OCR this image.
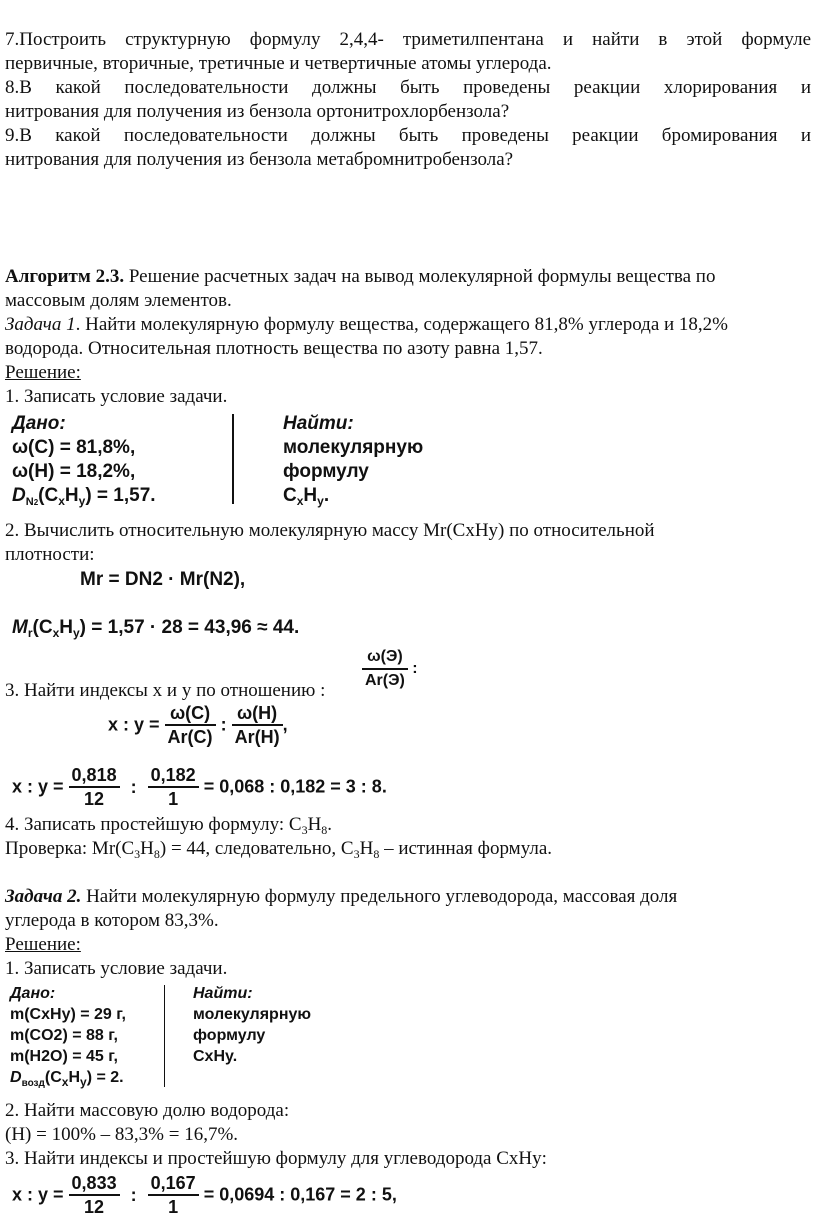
7.Построить структурную формулу 2,4,4- триметилпентана и найти в этой формуле
первичные, вторичные, третичные и четвертичные атомы углерода.
8.В какой последовательности должны быть проведены реакции хлорирования и
нитрования для получения из бензола ортонитрохлорбензола?
9.В какой последовательности должны быть проведены реакции бромирования и
нитрования для получения из бензола метабромнитробензола?
Алгоритм 2.3. Решение расчетных задач на вывод молекулярной формулы вещества по
массовым долям элементов.
Задача 1. Найти молекулярную формулу вещества, содержащего 81,8% углерода и 18,2%
водорода. Относительная плотность вещества по азоту равна 1,57.
Решение:
1. Записать условие задачи.
Дано:
ω(C) = 81,8%,
ω(H) = 18,2%,
$D_{N2}(C_xH_y) = 1,57$.
Найти:
молекулярную
формулу
$C_xH_y$.
2. Вычислить относительную молекулярную массу Mr(CxHy) по относительной
плотности:
Mr = DN2 · Mr(N2),
$M_r(C_xH_y) = 1,57 \cdot 28 = 43,96 \approx 44$.
3. Найти индексы x и y по отношению : $\frac{\omega(Э)}{Ar(Э)}$ :
x : $y = \frac{\omega(C)}{Ar(C)}$ : $\frac{\omega(H)}{Ar(H)}$ ,
x : $y = \frac{0,818}{12}$ : $\frac{0,182}{1} = 0,068$ : 0,182 = 3 : 8.
4. Записать простейшую формулу: $C_3H_8$.
Проверка: $Mr(C_3H_8) = 44$, следовательно, $C_3H_8$ – истинная формула.
Задача 2. Найти молекулярную формулу предельного углеводорода, массовая доля
углерода в котором 83,3%.
Решение:
1. Записать условие задачи.
Дано:
m(CxHy) = 29 г,
m(CO2) = 88 г,
m(H2O) = 45 г,
$D_{возд}(C_xH_y) = 2$.
Найти:
молекулярную
формулу
CxHy.
2. Найти массовую долю водорода:
(H) = 100% – 83,3% = 16,7%.
3. Найти индексы и простейшую формулу для углеводорода CxHy:
x : $y = \frac{0,833}{12}$ : $\frac{0,167}{1} = 0,0694$ : 0,167 = 2 : 5,
